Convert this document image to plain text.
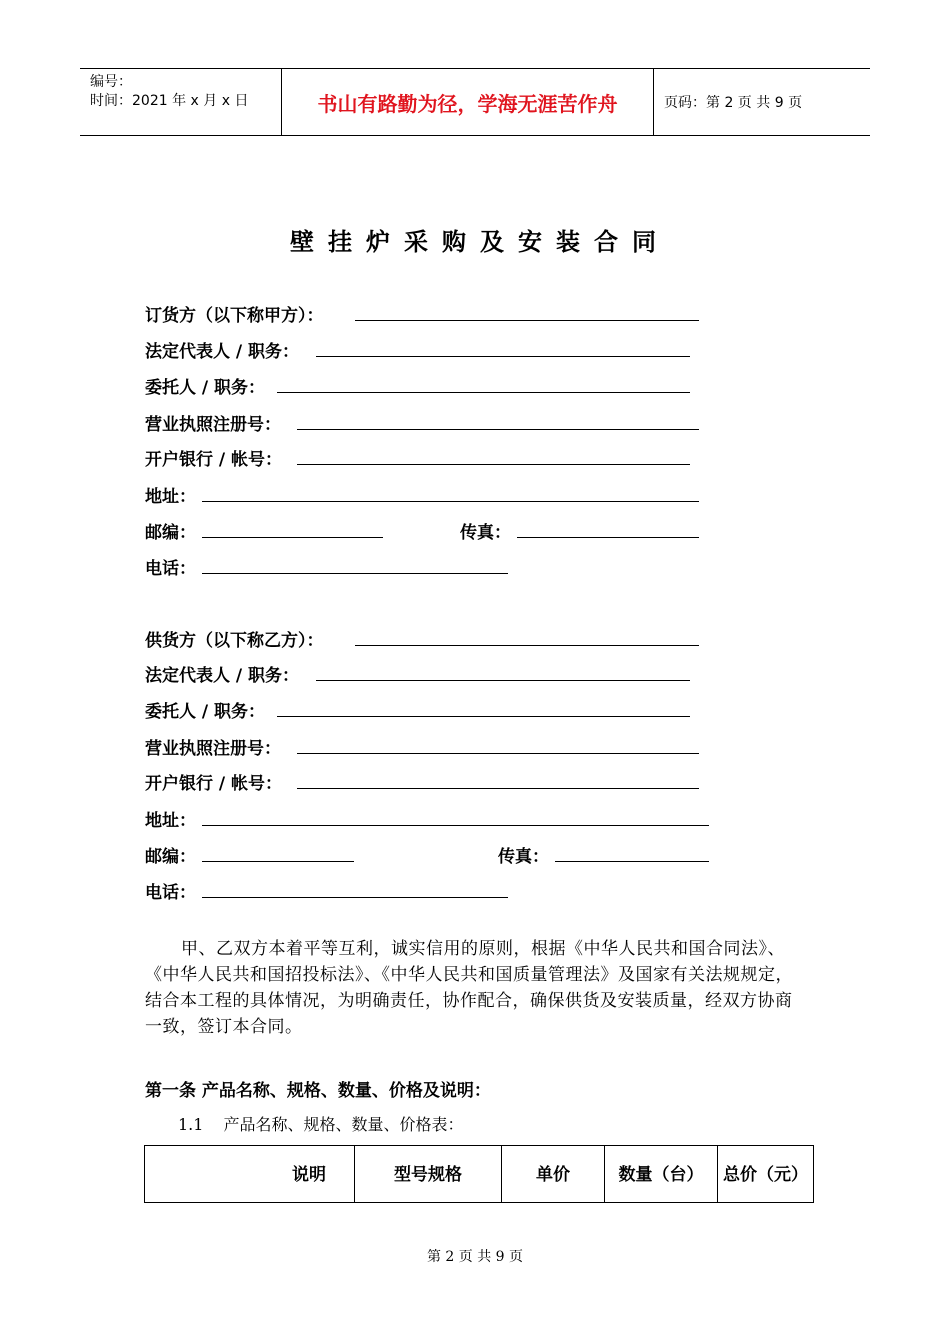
编号：
时间：2021 年 x 月 x 日	书山有路勤为径，学海无涯苦作舟	页码：第 2 页 共 9 页
壁挂炉采购及安装合同
订货方（以下称甲方）：
法定代表人 / 职务：
委托人 / 职务：
营业执照注册号：
开户银行 / 帐号：
地址：
邮编：	传真：
电话：
供货方（以下称乙方）：
法定代表人 / 职务：
委托人 / 职务：
营业执照注册号：
开户银行 / 帐号：
地址：
邮编：	传真：
电话：
甲、乙双方本着平等互利，诚实信用的原则，根据《中华人民共和国合同法》、《中华人民共和国招投标法》、《中华人民共和国质量管理法》及国家有关法规规定，结合本工程的具体情况，为明确责任，协作配合，确保供货及安装质量，经双方协商一致，签订本合同。
第一条 产品名称、规格、数量、价格及说明：
1.1 产品名称、规格、数量、价格表：
说明	型号规格	单价	数量（台）	总价（元）
第 2 页 共 9 页
